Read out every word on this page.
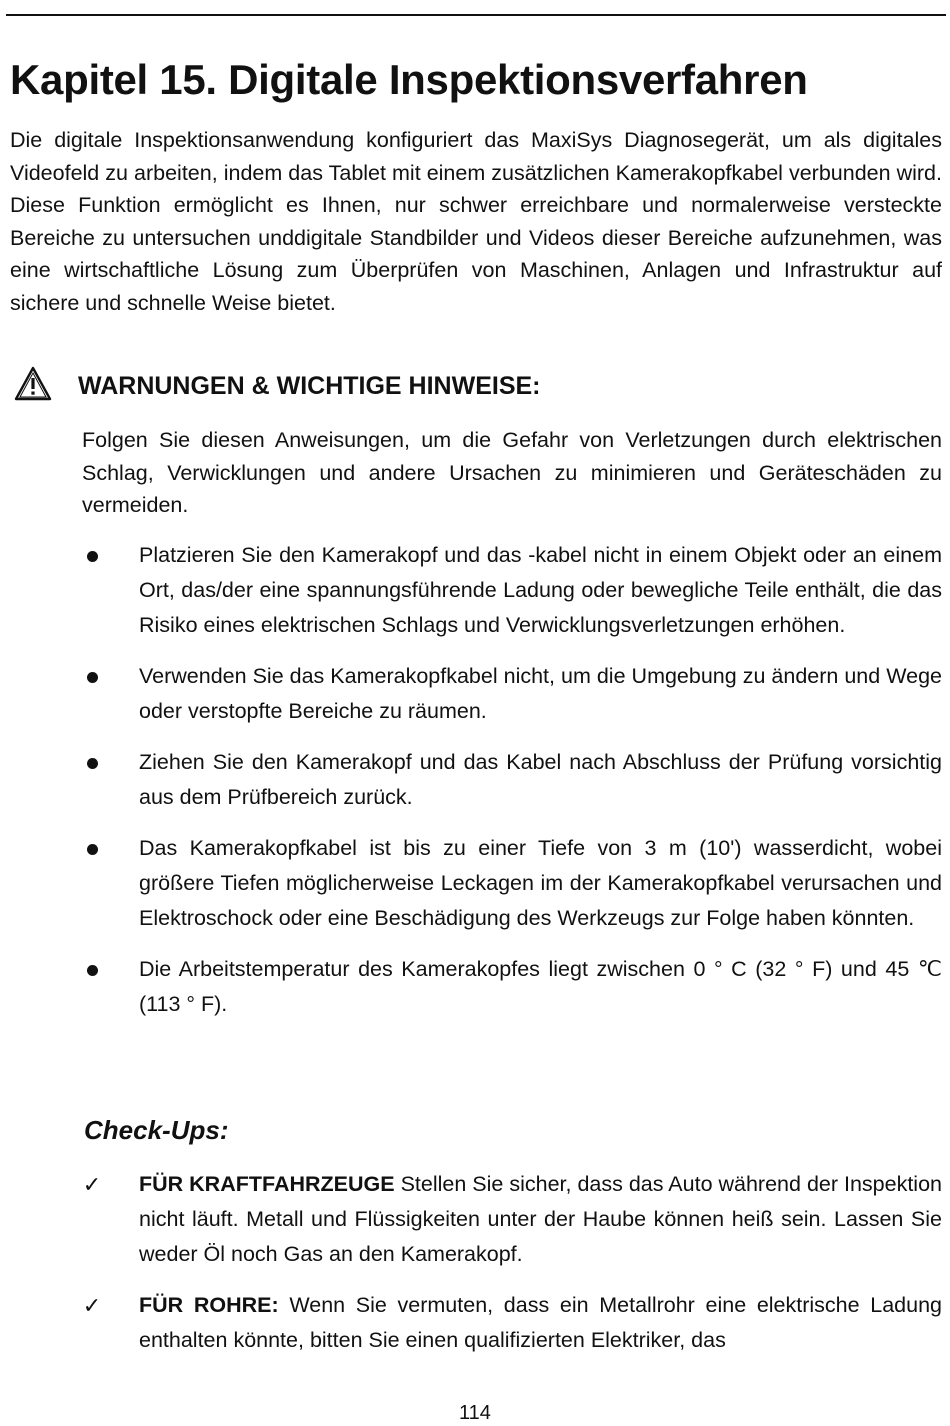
Kapitel 15. Digitale Inspektionsverfahren

Die digitale Inspektionsanwendung konfiguriert das MaxiSys Diagnosegerät, um als digitales Videofeld zu arbeiten, indem das Tablet mit einem zusätzlichen Kamerakopfkabel verbunden wird. Diese Funktion ermöglicht es Ihnen, nur schwer erreichbare und normalerweise versteckte Bereiche zu untersuchen unddigitale Standbilder und Videos dieser Bereiche aufzunehmen, was eine wirtschaftliche Lösung zum Überprüfen von Maschinen, Anlagen und Infrastruktur auf sichere und schnelle Weise bietet.

WARNUNGEN & WICHTIGE HINWEISE:

Folgen Sie diesen Anweisungen, um die Gefahr von Verletzungen durch elektrischen Schlag, Verwicklungen und andere Ursachen zu minimieren und Geräteschäden zu vermeiden.

Platzieren Sie den Kamerakopf und das -kabel nicht in einem Objekt oder an einem Ort, das/der eine spannungsführende Ladung oder bewegliche Teile enthält, die das Risiko eines elektrischen Schlags und Verwicklungsverletzungen erhöhen.
Verwenden Sie das Kamerakopfkabel nicht, um die Umgebung zu ändern und Wege oder verstopfte Bereiche zu räumen.
Ziehen Sie den Kamerakopf und das Kabel nach Abschluss der Prüfung vorsichtig aus dem Prüfbereich zurück.
Das Kamerakopfkabel ist bis zu einer Tiefe von 3 m (10') wasserdicht, wobei größere Tiefen möglicherweise Leckagen im der Kamerakopfkabel verursachen und Elektroschock oder eine Beschädigung des Werkzeugs zur Folge haben könnten.
Die Arbeitstemperatur des Kamerakopfes liegt zwischen 0 ° C (32 ° F) und 45 ℃ (113 ° F).
Check-Ups:
✓ FÜR KRAFTFAHRZEUGE Stellen Sie sicher, dass das Auto während der Inspektion nicht läuft. Metall und Flüssigkeiten unter der Haube können heiß sein. Lassen Sie weder Öl noch Gas an den Kamerakopf.
✓ FÜR ROHRE: Wenn Sie vermuten, dass ein Metallrohr eine elektrische Ladung enthalten könnte, bitten Sie einen qualifizierten Elektriker, das
114
